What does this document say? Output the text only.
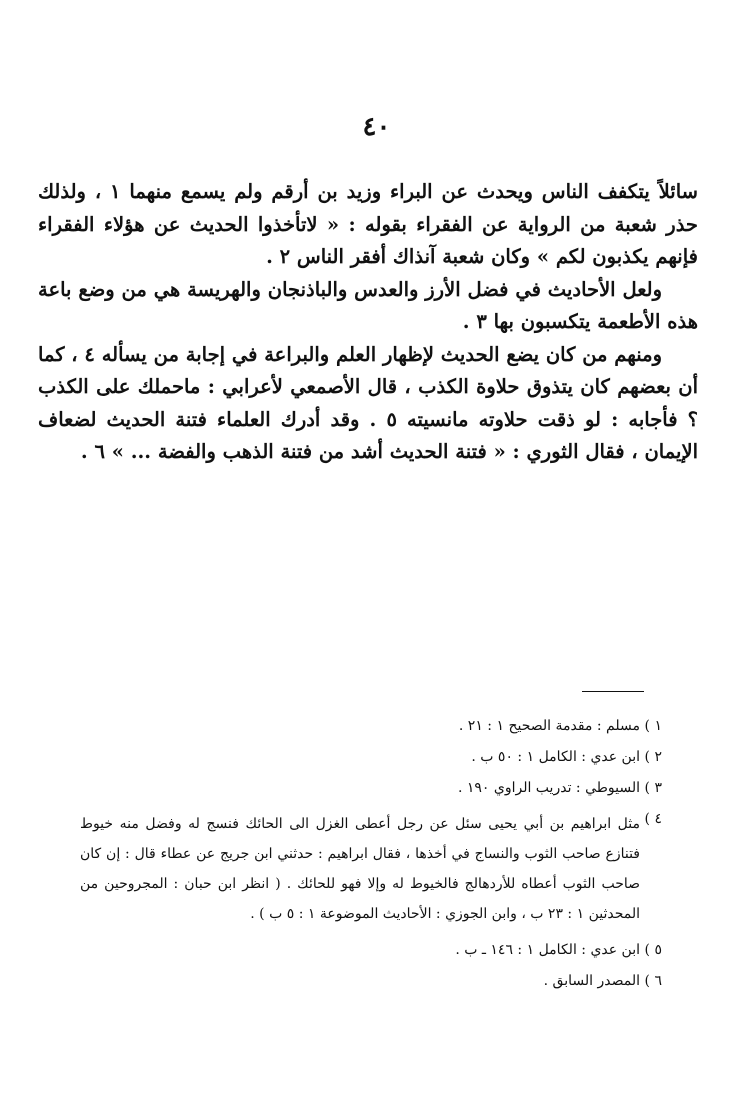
٤٠

سائلاً يتكفف الناس ويحدث عن البراء وزيد بن أرقم ولم يسمع منهما ١ ، ولذلك حذر شعبة من الرواية عن الفقراء بقوله : « لاتأخذوا الحديث عن هؤلاء الفقراء فإنهم يكذبون لكم » وكان شعبة آنذاك أفقر الناس ٢ .

ولعل الأحاديث في فضل الأرز والعدس والباذنجان والهريسة هي من وضع باعة هذه الأطعمة يتكسبون بها ٣ .

ومنهم من كان يضع الحديث لإظهار العلم والبراعة في إجابة من يسأله ٤ ، كما أن بعضهم كان يتذوق حلاوة الكذب ، قال الأصمعي لأعرابي : ماحملك على الكذب ؟ فأجابه : لو ذقت حلاوته مانسيته ٥ . وقد أدرك العلماء فتنة الحديث لضعاف الإيمان ، فقال الثوري : « فتنة الحديث أشد من فتنة الذهب والفضة ... » ٦ .

١ )مسلم : مقدمة الصحيح ١ : ٢١ .
٢ )ابن عدي : الكامل ١ : ٥٠ ب .
٣ )السيوطي : تدريب الراوي ١٩٠ .
٤ )
مثل ابراهيم بن أبي يحيى سئل عن رجل أعطى الغزل الى الحائك فنسج له وفضل منه خيوط فتنازع صاحب الثوب والنساج في أخذها ، فقال ابراهيم : حدثني ابن جريج عن عطاء قال : إن كان صاحب الثوب أعطاه للأردهالج فالخيوط له وإلا فهو للحائك . ( انظر ابن حبان : المجروحين من المحدثين ١ : ٢٣ ب ، وابن الجوزي : الأحاديث الموضوعة ١ : ٥ ب ) .
٥ )ابن عدي : الكامل ١ : ١٤٦ ـ ب .
٦ )المصدر السابق .
